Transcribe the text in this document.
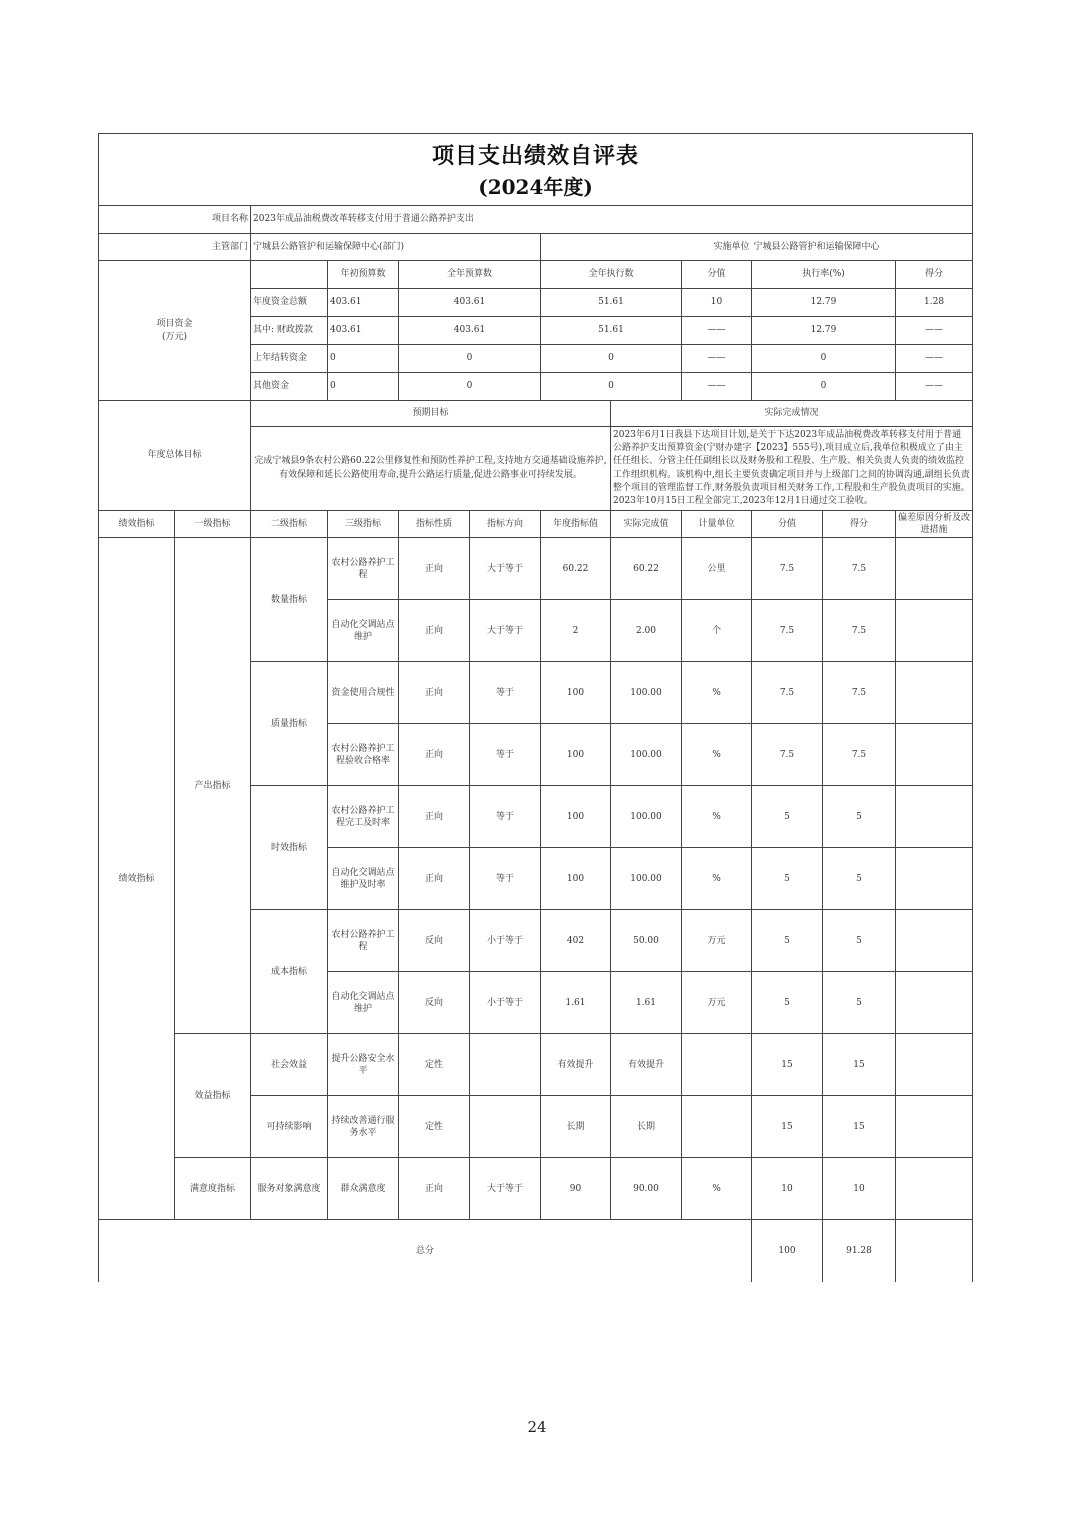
项目支出绩效自评表
(2024年度)											

项目名称		2023年成品油税费改革转移支付用于普通公路养护支出									
主管部门		宁城县公路管护和运输保障中心(部门)				实施单位			宁城县公路管护和运输保障中心		
项目资金
(万元)			年初预算数	全年预算数		全年执行数		分值	执行率(%)		得分
		年度资金总额	403.61	403.61		51.61		10	12.79		1.28
		其中: 财政拨款	403.61	403.61		51.61		——	12.79		——
		上年结转资金	0	0		0		——	0		——
		其他资金	0	0		0		——	0		——
年度总体目标		预期目标					实际完成情况				
		完成宁城县9条农村公路60.22公里修复性和预防性养护工程,支持地方交通基础设施养护,有效保障和延长公路使用寿命,提升公路运行质量,促进公路事业可持续发展。					2023年6月1日我县下达项目计划,是关于下达2023年成品油税费改革转移支付用于普通公路养护支出预算资金(宁财办建字【2023】555号),项目成立后,我单位积极成立了由主任任组长、分管主任任副组长以及财务股和工程股、生产股、相关负责人负责的绩效监控工作组织机构。该机构中,组长主要负责确定项目并与上级部门之间的协调沟通,副组长负责整个项目的管理监督工作,财务股负责项目相关财务工作,工程股和生产股负责项目的实施。2023年10月15日工程全部完工,2023年12月1日通过交工验收。				
绩效指标	一级指标	二级指标	三级指标	指标性质	指标方向	年度指标值	实际完成值	计量单位	分值	得分	偏差原因分析及改进措施
绩效指标	产出指标	数量指标	农村公路养护工程	正向	大于等于	60.22	60.22	公里	7.5	7.5	
			自动化交调站点维护	正向	大于等于	2	2.00	个	7.5	7.5	
		质量指标	资金使用合规性	正向	等于	100	100.00	%	7.5	7.5	
			农村公路养护工程验收合格率	正向	等于	100	100.00	%	7.5	7.5	
		时效指标	农村公路养护工程完工及时率	正向	等于	100	100.00	%	5	5	
			自动化交调站点维护及时率	正向	等于	100	100.00	%	5	5	
		成本指标	农村公路养护工程	反向	小于等于	402	50.00	万元	5	5	
			自动化交调站点维护	反向	小于等于	1.61	1.61	万元	5	5	
	效益指标	社会效益	提升公路安全水平	定性		有效提升	有效提升		15	15	
		可持续影响	持续改善通行服务水平	定性		长期	长期		15	15	
	满意度指标	服务对象满意度	群众满意度	正向	大于等于	90	90.00	%	10	10	
总分									100	91.28	
24
